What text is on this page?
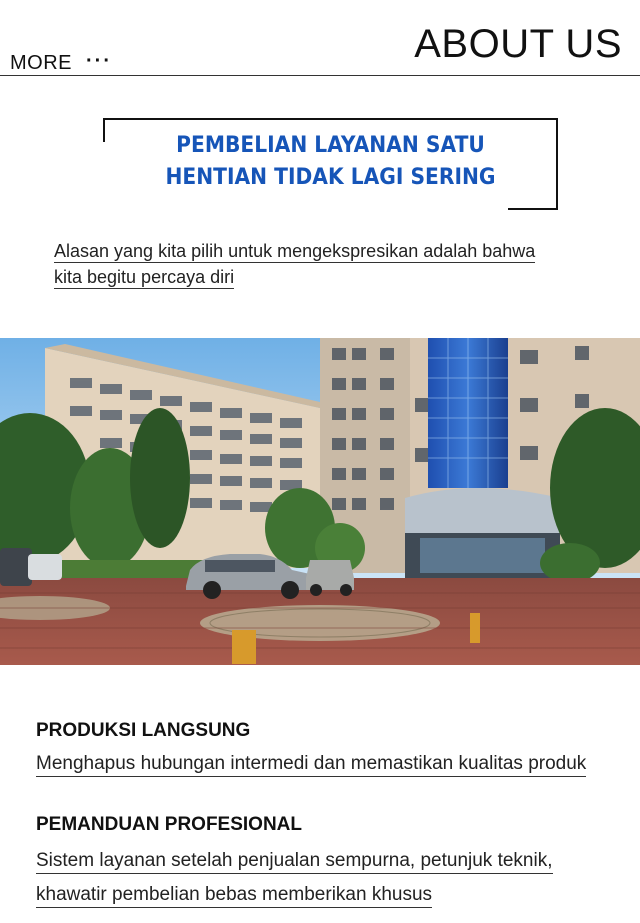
MORE ···	ABOUT US
PEMBELIAN LAYANAN SATU
HENTIAN TIDAK LAGI SERING
Alasan yang kita pilih untuk mengekspresikan adalah bahwa
kita begitu percaya diri
PRODUKSI LANGSUNG
Menghapus hubungan intermedi dan memastikan kualitas produk
PEMANDUAN PROFESIONAL
Sistem layanan setelah penjualan sempurna, petunjuk teknik,
khawatir pembelian bebas memberikan khusus
